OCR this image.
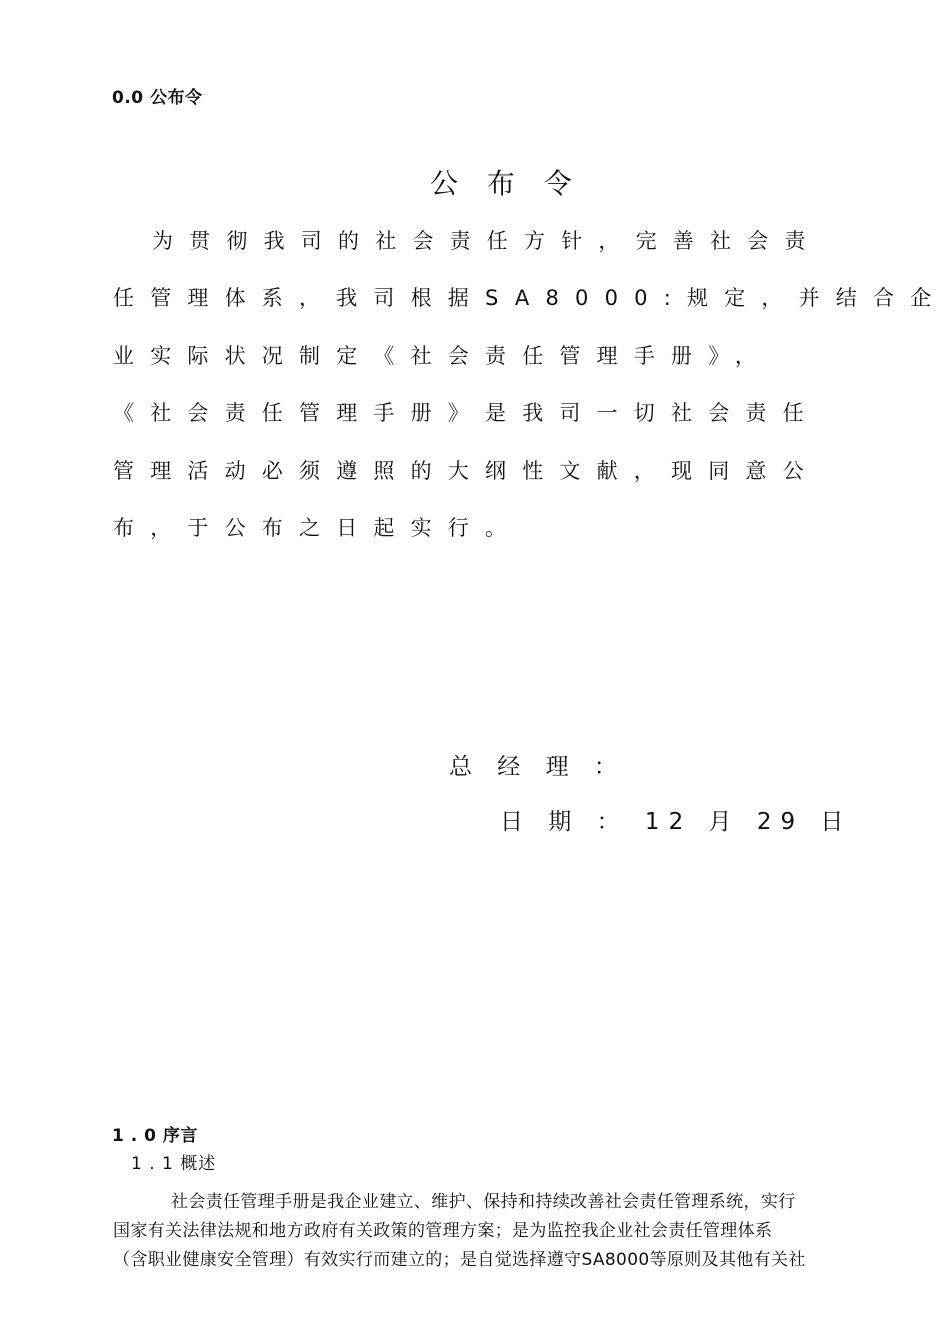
0.0 公布令
公 布 令
为贯彻我司的社会责任方针，完善社会责
任管理体系，我司根据SA8000:规定，并结合企
业实际状况制定《社会责任管理手册》，
《社会责任管理手册》是我司一切社会责任
管理活动必须遵照的大纲性文献，现同意公
布，于公布之日起实行。
总 经 理 ：
日 期 ： 12 月 29 日
1 . 0 序言
1 . 1 概述
社会责任管理手册是我企业建立、维护、保持和持续改善社会责任管理系统，实行
国家有关法律法规和地方政府有关政策的管理方案；是为监控我企业社会责任管理体系
（含职业健康安全管理）有效实行而建立的；是自觉选择遵守SA8000等原则及其他有关社
